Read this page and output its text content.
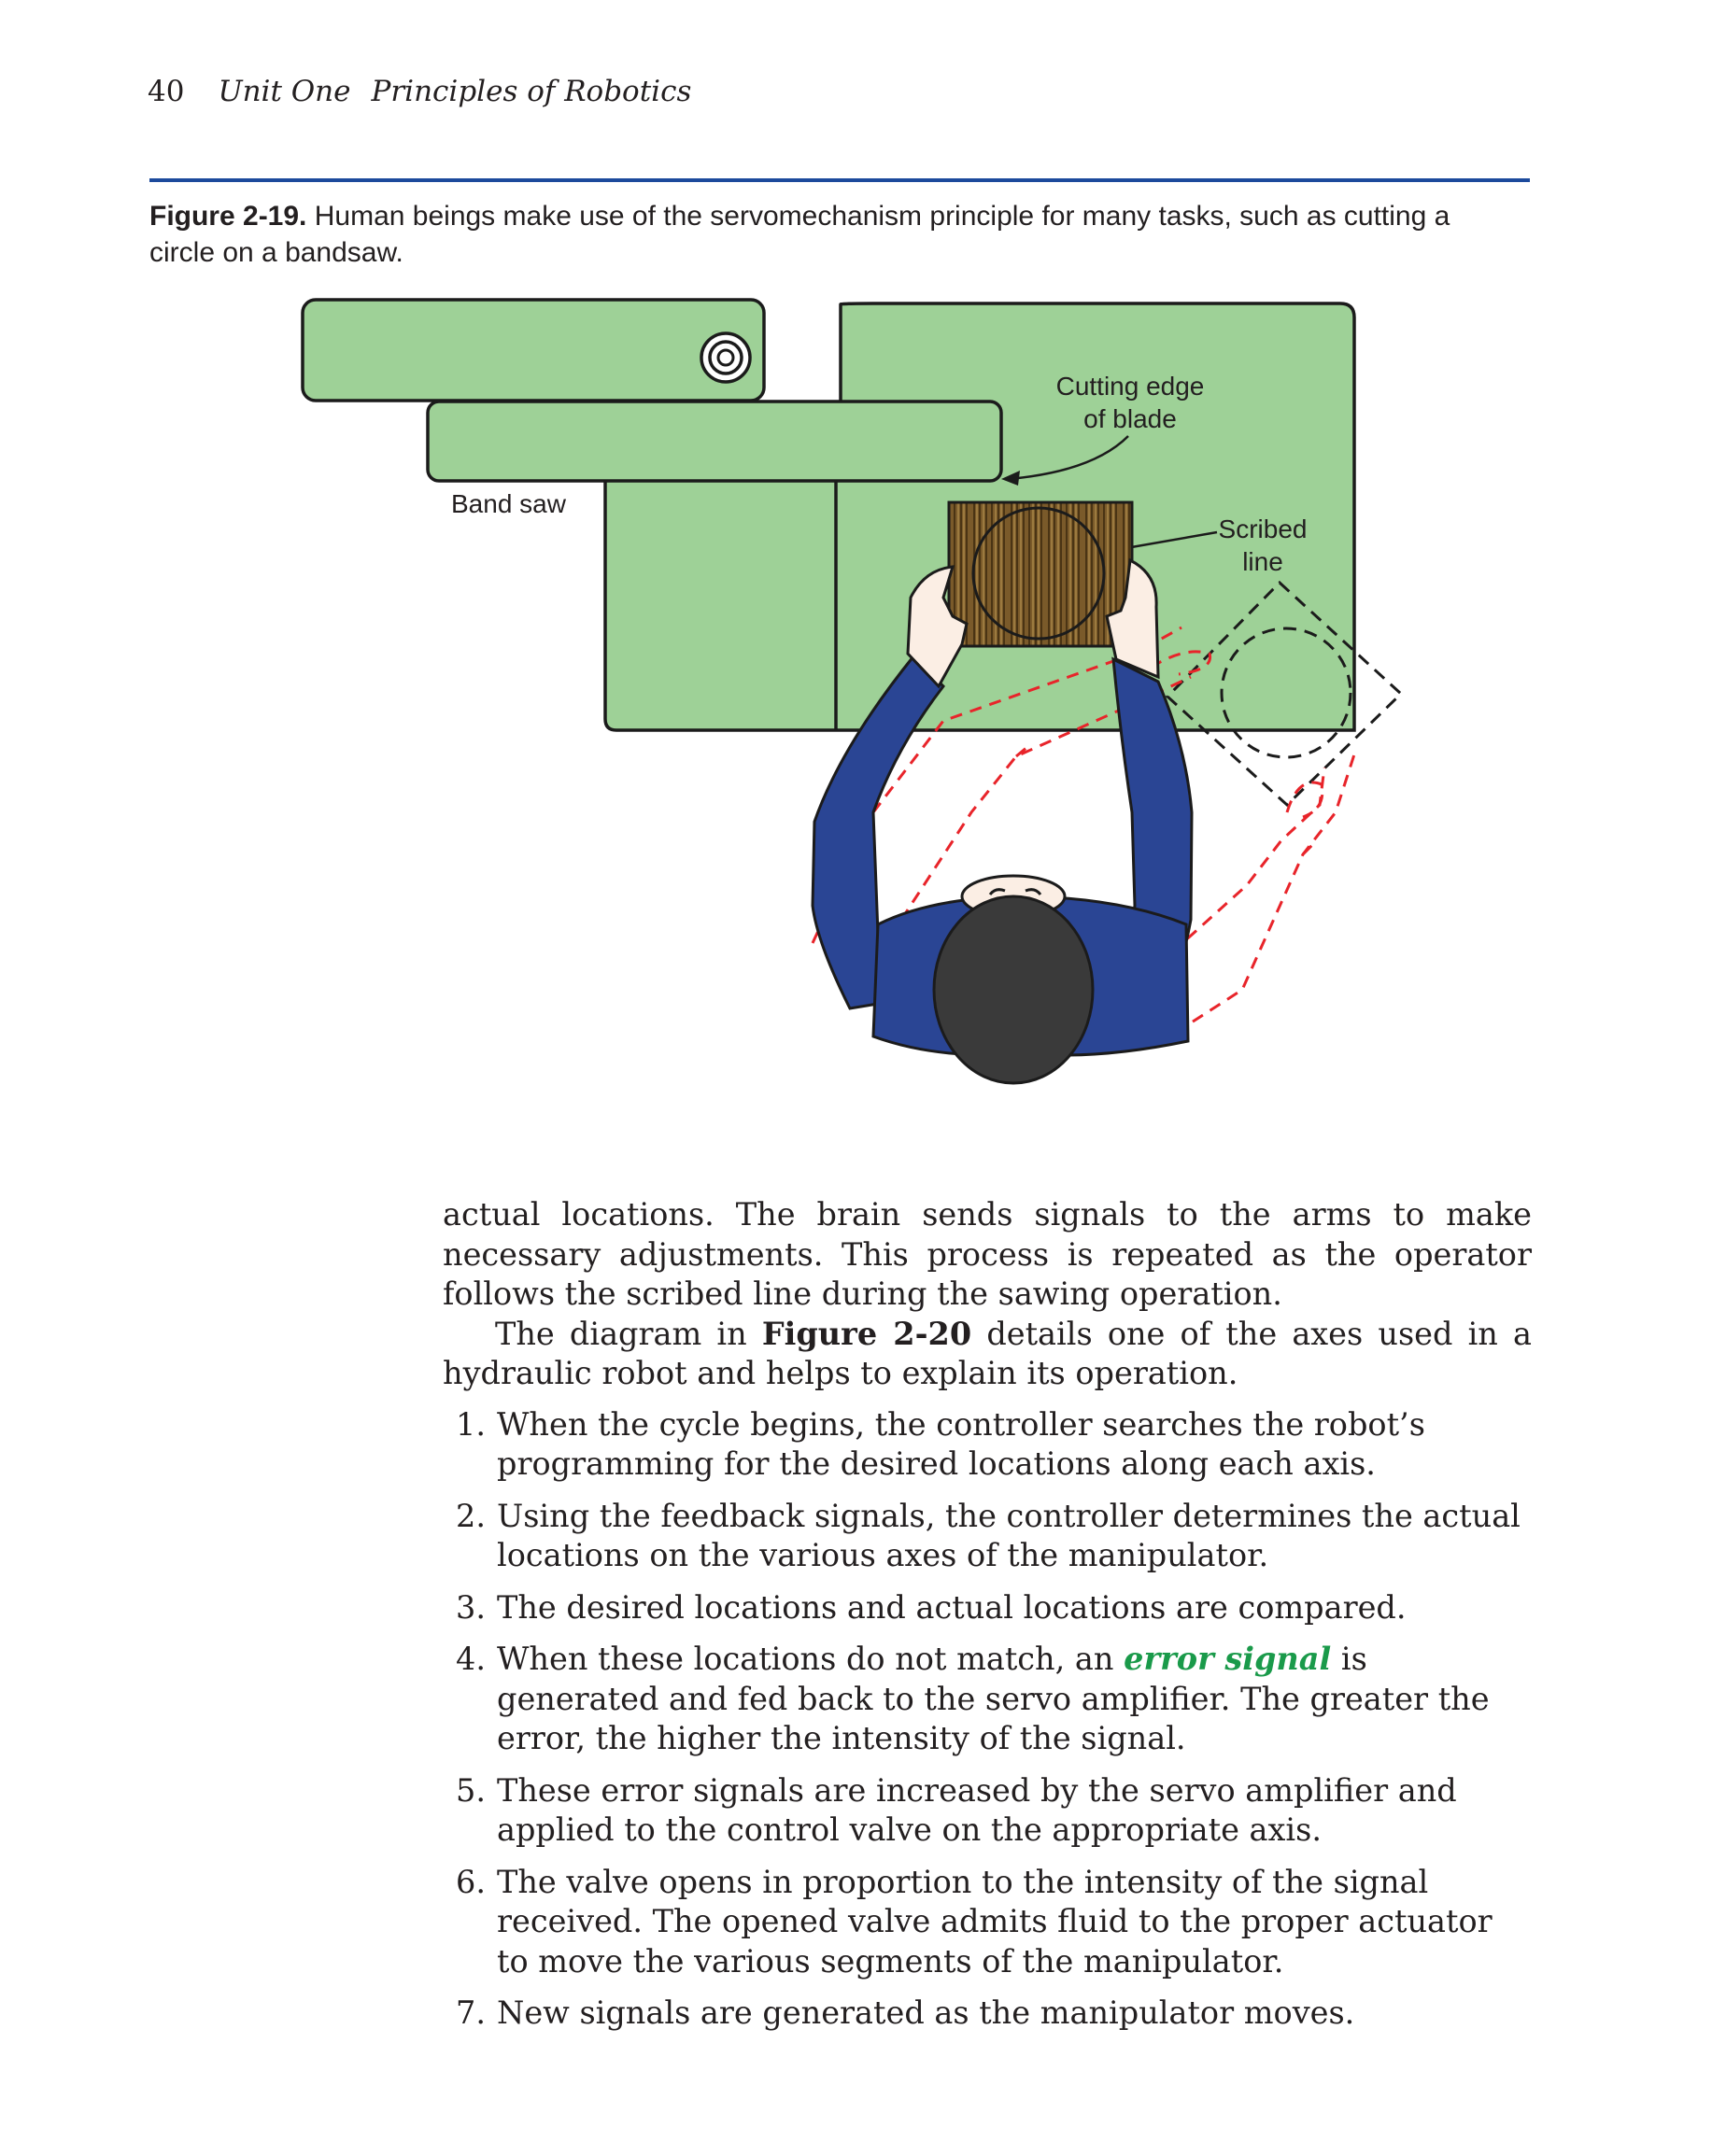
40 Unit One Principles of Robotics
Figure 2-19. Human beings make use of the servomechanism principle for many tasks, such as cutting a circle on a bandsaw.
Band saw
Cutting edge
of blade
Scribed
line

actual locations. The brain sends signals to the arms to make necessary adjustments. This process is repeated as the operator follows the scribed line during the sawing operation.

The diagram in Figure 2-20 details one of the axes used in a hydraulic robot and helps to explain its operation.

1. When the cycle begins, the controller searches the robot’s programming for the desired locations along each axis.
2. Using the feedback signals, the controller determines the actual locations on the various axes of the manipulator.
3. The desired locations and actual locations are compared.
4. When these locations do not match, an error signal is generated and fed back to the servo amplifier. The greater the error, the higher the intensity of the signal.
5. These error signals are increased by the servo amplifier and applied to the control valve on the appropriate axis.
6. The valve opens in proportion to the intensity of the signal received. The opened valve admits fluid to the proper actuator to move the various segments of the manipulator.
7. New signals are generated as the manipulator moves.
